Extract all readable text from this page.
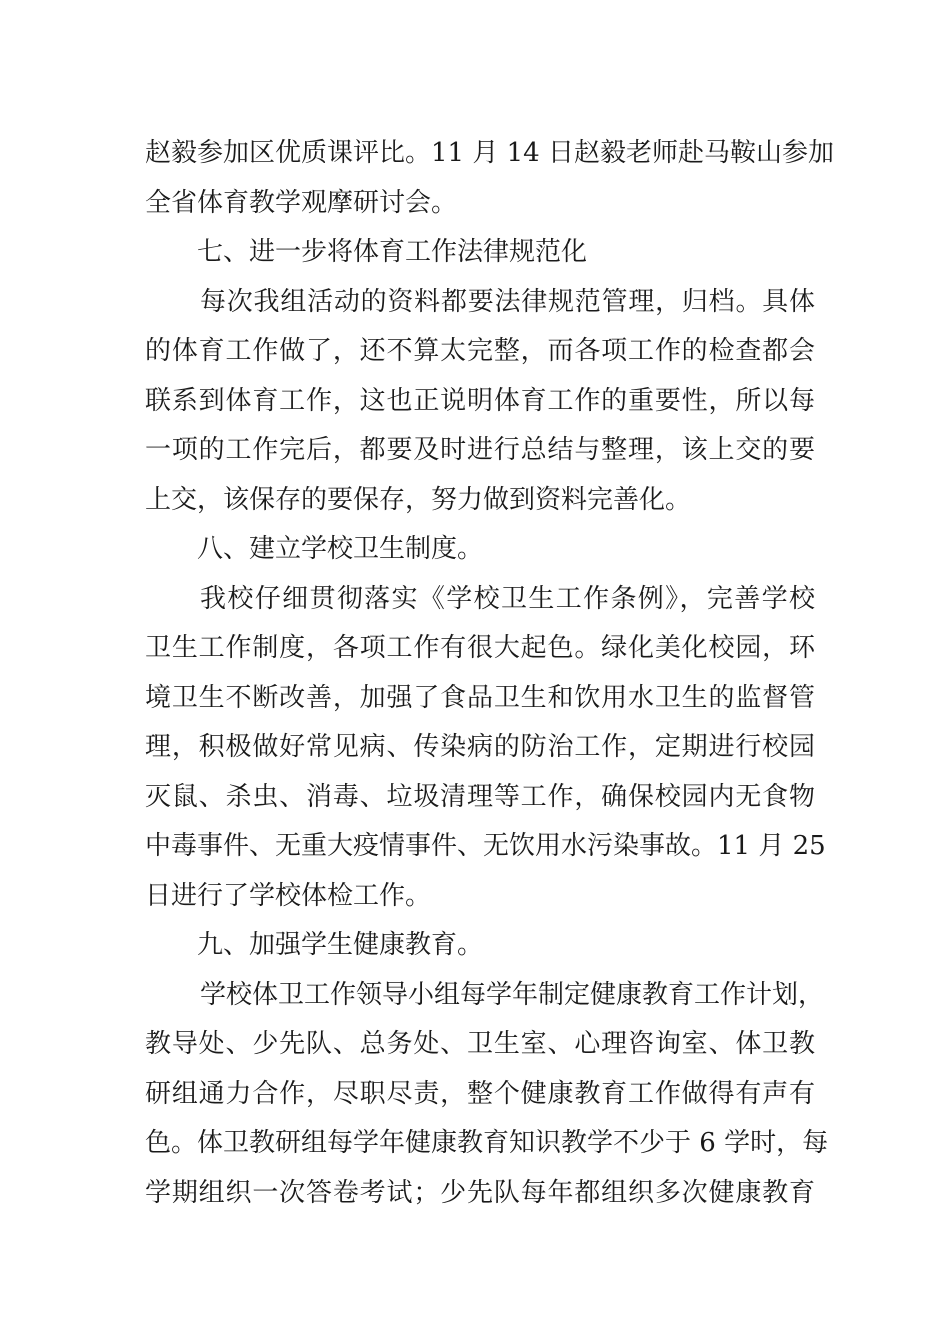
赵毅参加区优质课评比。11 月 14 日赵毅老师赴马鞍山参加
全省体育教学观摩研讨会。
七、进一步将体育工作法律规范化
每次我组活动的资料都要法律规范管理，归档。具体
的体育工作做了，还不算太完整，而各项工作的检查都会
联系到体育工作，这也正说明体育工作的重要性，所以每
一项的工作完后，都要及时进行总结与整理，该上交的要
上交，该保存的要保存，努力做到资料完善化。
八、建立学校卫生制度。
我校仔细贯彻落实《学校卫生工作条例》，完善学校
卫生工作制度，各项工作有很大起色。绿化美化校园，环
境卫生不断改善，加强了食品卫生和饮用水卫生的监督管
理，积极做好常见病、传染病的防治工作，定期进行校园
灭鼠、杀虫、消毒、垃圾清理等工作，确保校园内无食物
中毒事件、无重大疫情事件、无饮用水污染事故。11 月 25
日进行了学校体检工作。
九、加强学生健康教育。
学校体卫工作领导小组每学年制定健康教育工作计划，
教导处、少先队、总务处、卫生室、心理咨询室、体卫教
研组通力合作，尽职尽责，整个健康教育工作做得有声有
色。体卫教研组每学年健康教育知识教学不少于 6 学时，每
学期组织一次答卷考试；少先队每年都组织多次健康教育
